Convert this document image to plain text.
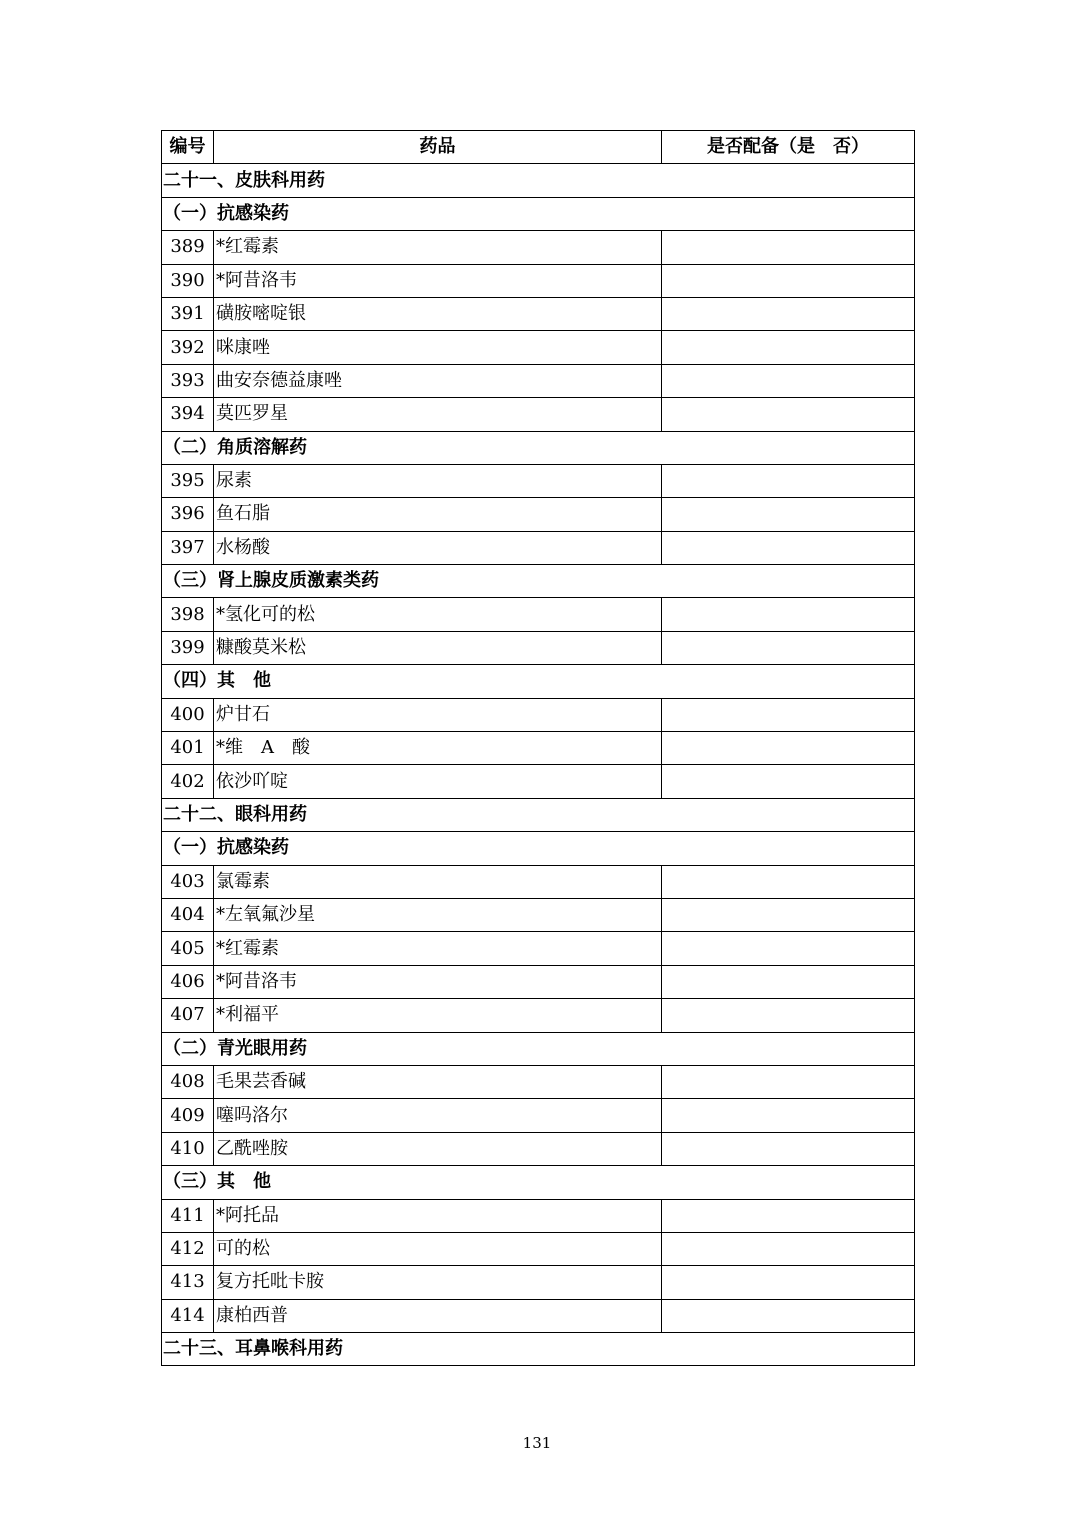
编号	药品	是否配备（是　否）
二十一、皮肤科用药		
（一）抗感染药		
389	*红霉素	
390	*阿昔洛韦	
391	磺胺嘧啶银	
392	咪康唑	
393	曲安奈德益康唑	
394	莫匹罗星	
（二）角质溶解药		
395	尿素	
396	鱼石脂	
397	水杨酸	
（三）肾上腺皮质激素类药		
398	*氢化可的松	
399	糠酸莫米松	
（四）其　他		
400	炉甘石	
401	*维　A　酸	
402	依沙吖啶	
二十二、眼科用药		
（一）抗感染药		
403	氯霉素	
404	*左氧氟沙星	
405	*红霉素	
406	*阿昔洛韦	
407	*利福平	
（二）青光眼用药		
408	毛果芸香碱	
409	噻吗洛尔	
410	乙酰唑胺	
（三）其　他		
411	*阿托品	
412	可的松	
413	复方托吡卡胺	
414	康柏西普	
二十三、耳鼻喉科用药		
131
